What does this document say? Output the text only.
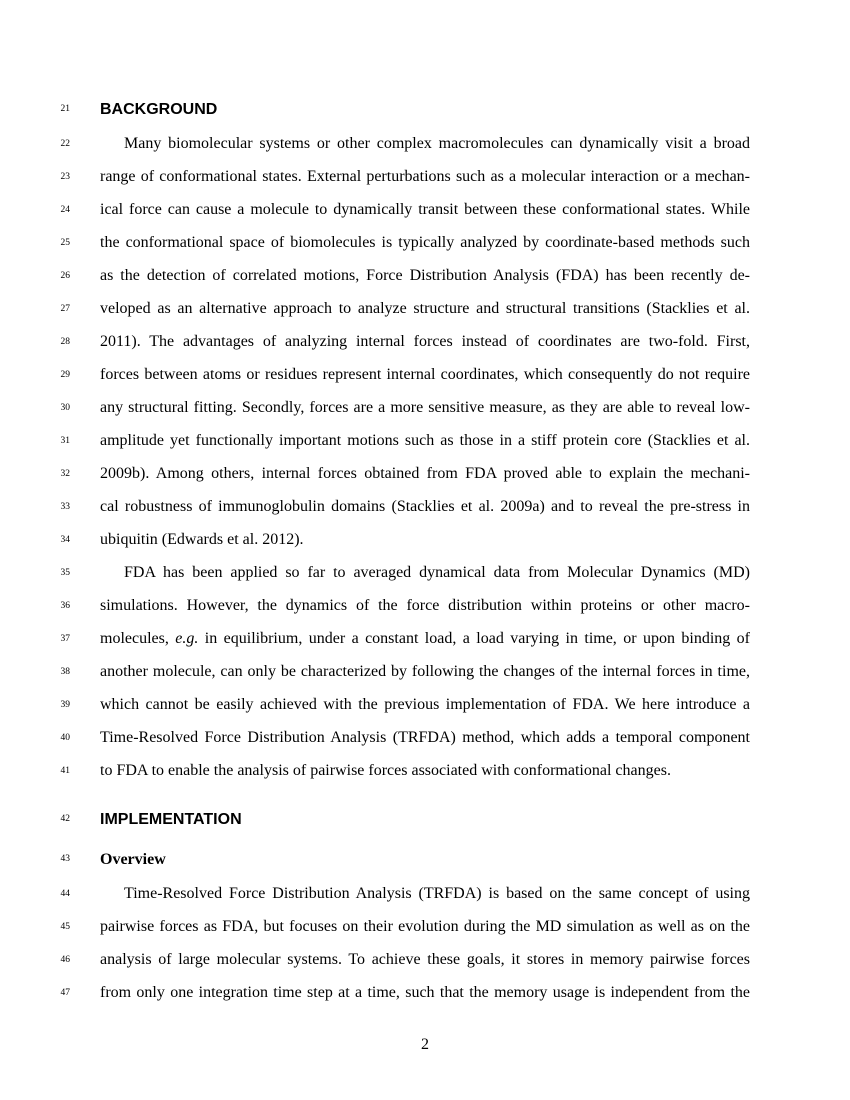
21
22
23
24
25
26
27
28
29
30
31
32
33
34
35
36
37
38
39
40
41
42
43
44
45
46
47
BACKGROUND
Many biomolecular systems or other complex macromolecules can dynamically visit a broad
range of conformational states. External perturbations such as a molecular interaction or a mechan-
ical force can cause a molecule to dynamically transit between these conformational states. While
the conformational space of biomolecules is typically analyzed by coordinate-based methods such
as the detection of correlated motions, Force Distribution Analysis (FDA) has been recently de-
veloped as an alternative approach to analyze structure and structural transitions (Stacklies et al.
2011). The advantages of analyzing internal forces instead of coordinates are two-fold. First,
forces between atoms or residues represent internal coordinates, which consequently do not require
any structural fitting. Secondly, forces are a more sensitive measure, as they are able to reveal low-
amplitude yet functionally important motions such as those in a stiff protein core (Stacklies et al.
2009b). Among others, internal forces obtained from FDA proved able to explain the mechani-
cal robustness of immunoglobulin domains (Stacklies et al. 2009a) and to reveal the pre-stress in
ubiquitin (Edwards et al. 2012).
FDA has been applied so far to averaged dynamical data from Molecular Dynamics (MD)
simulations. However, the dynamics of the force distribution within proteins or other macro-
molecules, e.g. in equilibrium, under a constant load, a load varying in time, or upon binding of
another molecule, can only be characterized by following the changes of the internal forces in time,
which cannot be easily achieved with the previous implementation of FDA. We here introduce a
Time-Resolved Force Distribution Analysis (TRFDA) method, which adds a temporal component
to FDA to enable the analysis of pairwise forces associated with conformational changes.
IMPLEMENTATION
Overview
Time-Resolved Force Distribution Analysis (TRFDA) is based on the same concept of using
pairwise forces as FDA, but focuses on their evolution during the MD simulation as well as on the
analysis of large molecular systems. To achieve these goals, it stores in memory pairwise forces
from only one integration time step at a time, such that the memory usage is independent from the
2
